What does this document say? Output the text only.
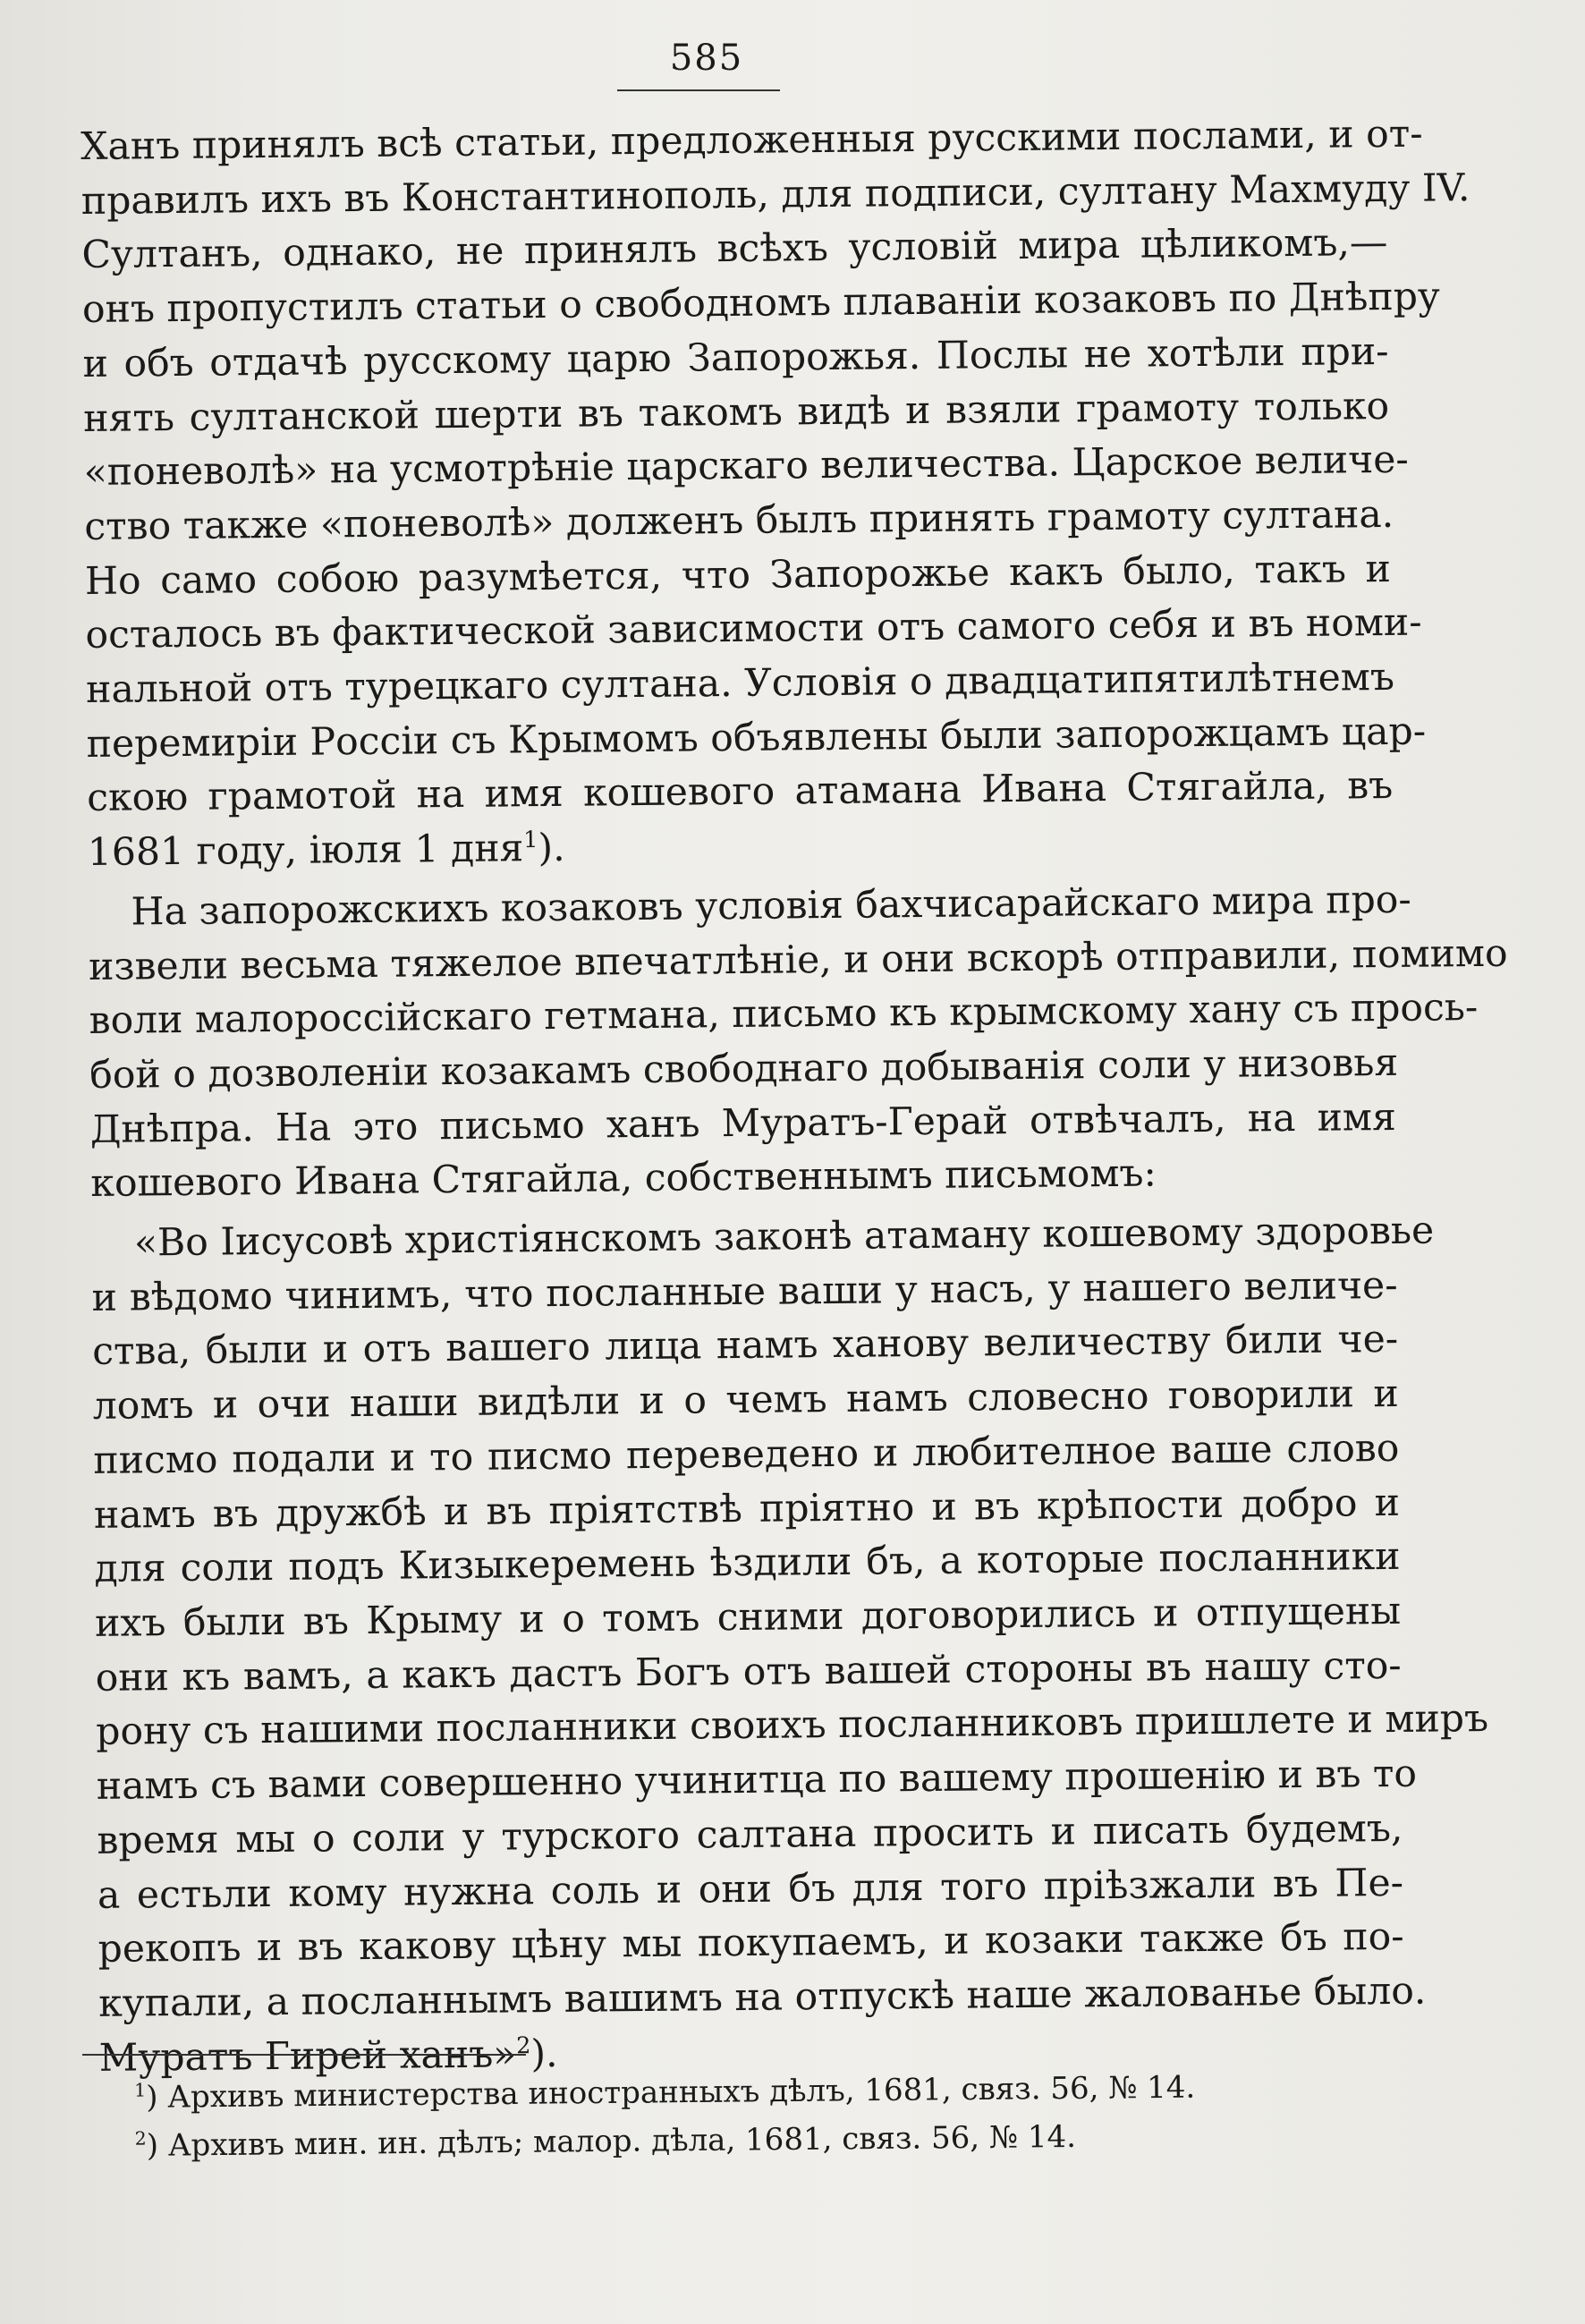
585
Ханъ принялъ всѣ статьи, предложенныя русскими послами, и от-
правилъ ихъ въ Константинополь, для подписи, султану Махмуду IV.
Султанъ, однако, не принялъ всѣхъ условій мира цѣликомъ,—
онъ пропустилъ статьи о свободномъ плаваніи козаковъ по Днѣпру
и объ отдачѣ русскому царю Запорожья. Послы не хотѣли при-
нять султанской шерти въ такомъ видѣ и взяли грамоту только
«поневолѣ» на усмотрѣніе царскаго величества. Царское величе-
ство также «поневолѣ» долженъ былъ принять грамоту султана.
Но само собою разумѣется, что Запорожье какъ было, такъ и
осталось въ фактической зависимости отъ самого себя и въ номи-
нальной отъ турецкаго султана. Условія о двадцатипятилѣтнемъ
перемиріи Россіи съ Крымомъ объявлены были запорожцамъ цар-
скою грамотой на имя кошевого атамана Ивана Стягайла, въ
1681 году, іюля 1 дня$^1$).
На запорожскихъ козаковъ условія бахчисарайскаго мира про-
извели весьма тяжелое впечатлѣніе, и они вскорѣ отправили, помимо
воли малороссійскаго гетмана, письмо къ крымскому хану съ прось-
бой о дозволеніи козакамъ свободнаго добыванія соли у низовья
Днѣпра. На это письмо ханъ Муратъ-Герай отвѣчалъ, на имя
кошевого Ивана Стягайла, собственнымъ письмомъ:
«Во Іисусовѣ христіянскомъ законѣ атаману кошевому здоровье
и вѣдомо чинимъ, что посланные ваши у насъ, у нашего величе-
ства, были и отъ вашего лица намъ ханову величеству били че-
ломъ и очи наши видѣли и о чемъ намъ словесно говорили и
писмо подали и то писмо переведено и любителное ваше слово
намъ въ дружбѣ и въ пріятствѣ пріятно и въ крѣпости добро и
для соли подъ Кизыкеремень ѣздили бъ, а которые посланники
ихъ были въ Крыму и о томъ сними договорились и отпущены
они къ вамъ, а какъ дастъ Богъ отъ вашей стороны въ нашу сто-
рону съ нашими посланники своихъ посланниковъ пришлете и миръ
намъ съ вами совершенно учинитца по вашему прошенію и въ то
время мы о соли у турского салтана просить и писать будемъ,
а естьли кому нужна соль и они бъ для того пріѣзжали въ Пе-
рекопъ и въ какову цѣну мы покупаемъ, и козаки также бъ по-
купали, а посланнымъ вашимъ на отпускѣ наше жалованье было.
Муратъ Гирей ханъ»$^2$).
$^1$) Архивъ министерства иностранныхъ дѣлъ, 1681, связ. 56, № 14.
$^2$) Архивъ мин. ин. дѣлъ; малор. дѣла, 1681, связ. 56, № 14.
